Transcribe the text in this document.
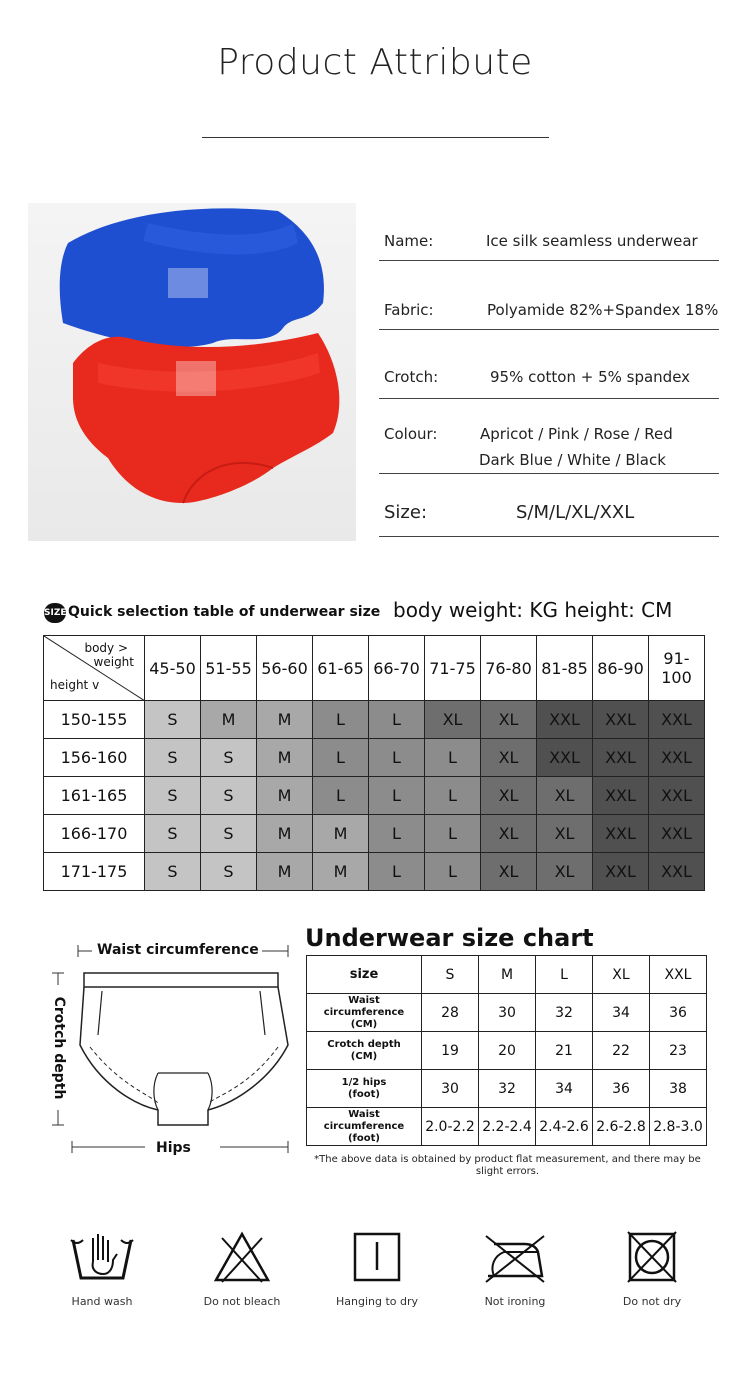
Product Attribute
Name:	Ice silk seamless underwear
Fabric:	Polyamide 82%+Spandex 18%
Crotch:	95% cotton + 5% spandex
Colour:	Apricot / Pink / Rose / Red
Dark Blue / White / Black
Size:	S/M/L/XL/XXL
SIZE Quick selection table of underwear size body weight: KG height: CM
body >
weight
height v	45-50	51-55	56-60	61-65	66-70	71-75	76-80	81-85	86-90	91-100
150-155	S	M	M	L	L	XL	XL	XXL	XXL	XXL
156-160	S	S	M	L	L	L	XL	XXL	XXL	XXL
161-165	S	S	M	L	L	L	XL	XL	XXL	XXL
166-170	S	S	M	M	L	L	XL	XL	XXL	XXL
171-175	S	S	M	M	L	L	XL	XL	XXL	XXL
Waist circumference
Crotch depth
Hips
Underwear size chart
size	S	M	L	XL	XXL

Waist circumference
(CM)	28	30	32	34	36

Crotch depth
(CM)	19	20	21	22	23

1/2 hips
(foot)	30	32	34	36	38

Waist circumference
(foot)	2.0-2.2	2.2-2.4	2.4-2.6	2.6-2.8	2.8-3.0
*The above data is obtained by product flat measurement, and there may be slight errors.
Hand wash	Do not bleach	Hanging to dry	Not ironing	Do not dry
